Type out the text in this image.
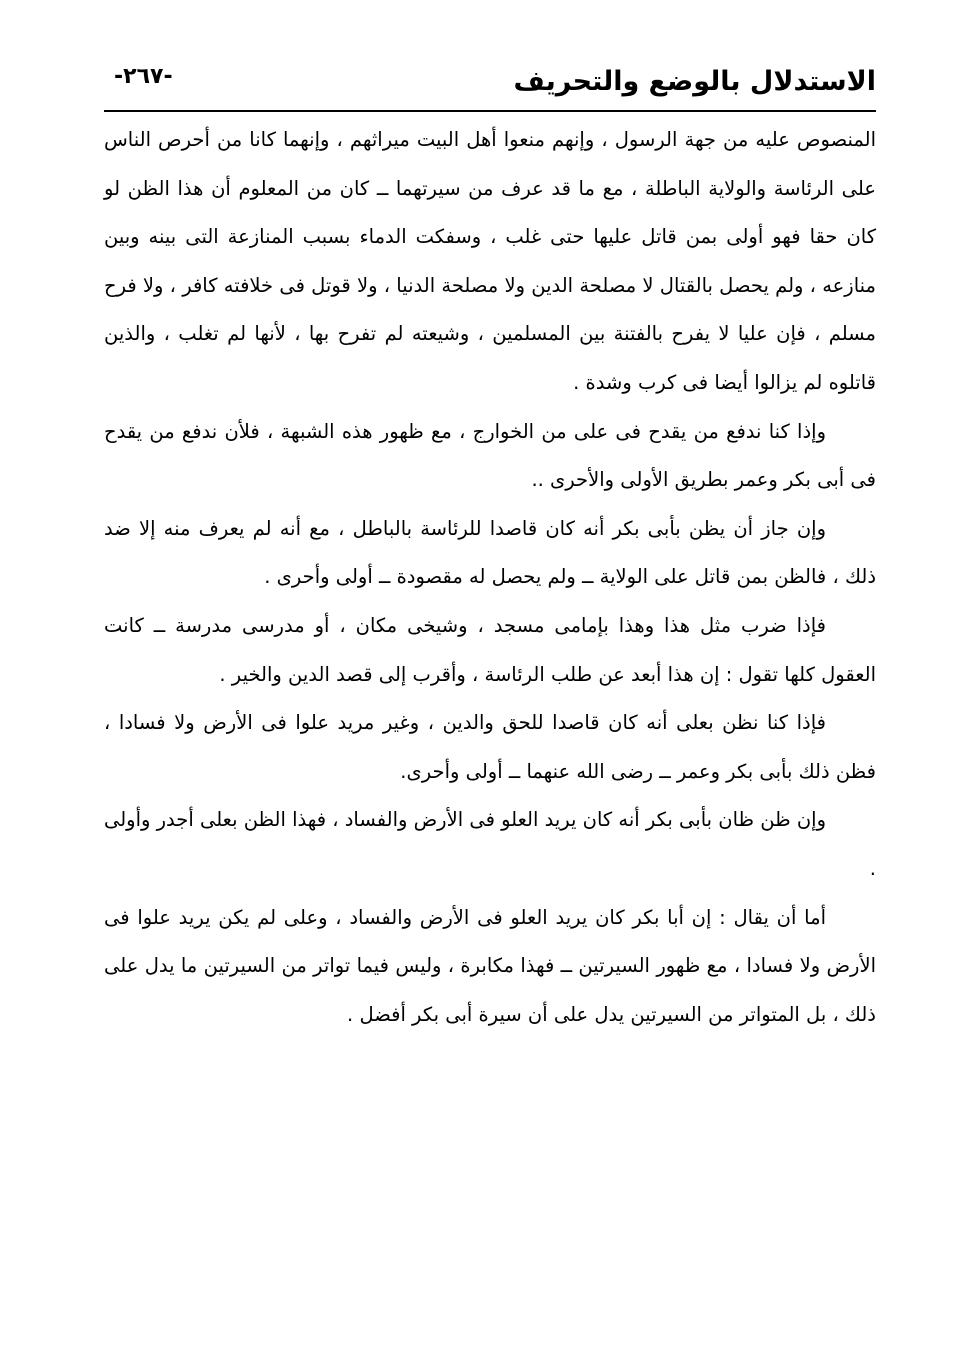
الاستدلال بالوضع والتحريف
-٢٦٧-

المنصوص عليه من جهة الرسول ، وإنهم منعوا أهل البيت ميراثهم ، وإنهما كانا من أحرص الناس على الرئاسة والولاية الباطلة ، مع ما قد عرف من سيرتهما ــ كان من المعلوم أن هذا الظن لو كان حقا فهو أولى بمن قاتل عليها حتى غلب ، وسفكت الدماء بسبب المنازعة التى بينه وبين منازعه ، ولم يحصل بالقتال لا مصلحة الدين ولا مصلحة الدنيا ، ولا قوتل فى خلافته كافر ، ولا فرح مسلم ، فإن عليا لا يفرح بالفتنة بين المسلمين ، وشيعته لم تفرح بها ، لأنها لم تغلب ، والذين قاتلوه لم يزالوا أيضا فى كرب وشدة .

وإذا كنا ندفع من يقدح فى على من الخوارج ، مع ظهور هذه الشبهة ، فلأن ندفع من يقدح فى أبى بكر وعمر بطريق الأولى والأحرى ..

وإن جاز أن يظن بأبى بكر أنه كان قاصدا للرئاسة بالباطل ، مع أنه لم يعرف منه إلا ضد ذلك ، فالظن بمن قاتل على الولاية ــ ولم يحصل له مقصودة ــ أولى وأحرى .

فإذا ضرب مثل هذا وهذا بإمامى مسجد ، وشيخى مكان ، أو مدرسى مدرسة ــ كانت العقول كلها تقول : إن هذا أبعد عن طلب الرئاسة ، وأقرب إلى قصد الدين والخير .

فإذا كنا نظن بعلى أنه كان قاصدا للحق والدين ، وغير مريد علوا فى الأرض ولا فسادا ، فظن ذلك بأبى بكر وعمر ــ رضى الله عنهما ــ أولى وأحرى.

وإن ظن ظان بأبى بكر أنه كان يريد العلو فى الأرض والفساد ، فهذا الظن بعلى أجدر وأولى .

أما أن يقال : إن أبا بكر كان يريد العلو فى الأرض والفساد ، وعلى لم يكن يريد علوا فى الأرض ولا فسادا ، مع ظهور السيرتين ــ فهذا مكابرة ، وليس فيما تواتر من السيرتين ما يدل على ذلك ، بل المتواتر من السيرتين يدل على أن سيرة أبى بكر أفضل .
